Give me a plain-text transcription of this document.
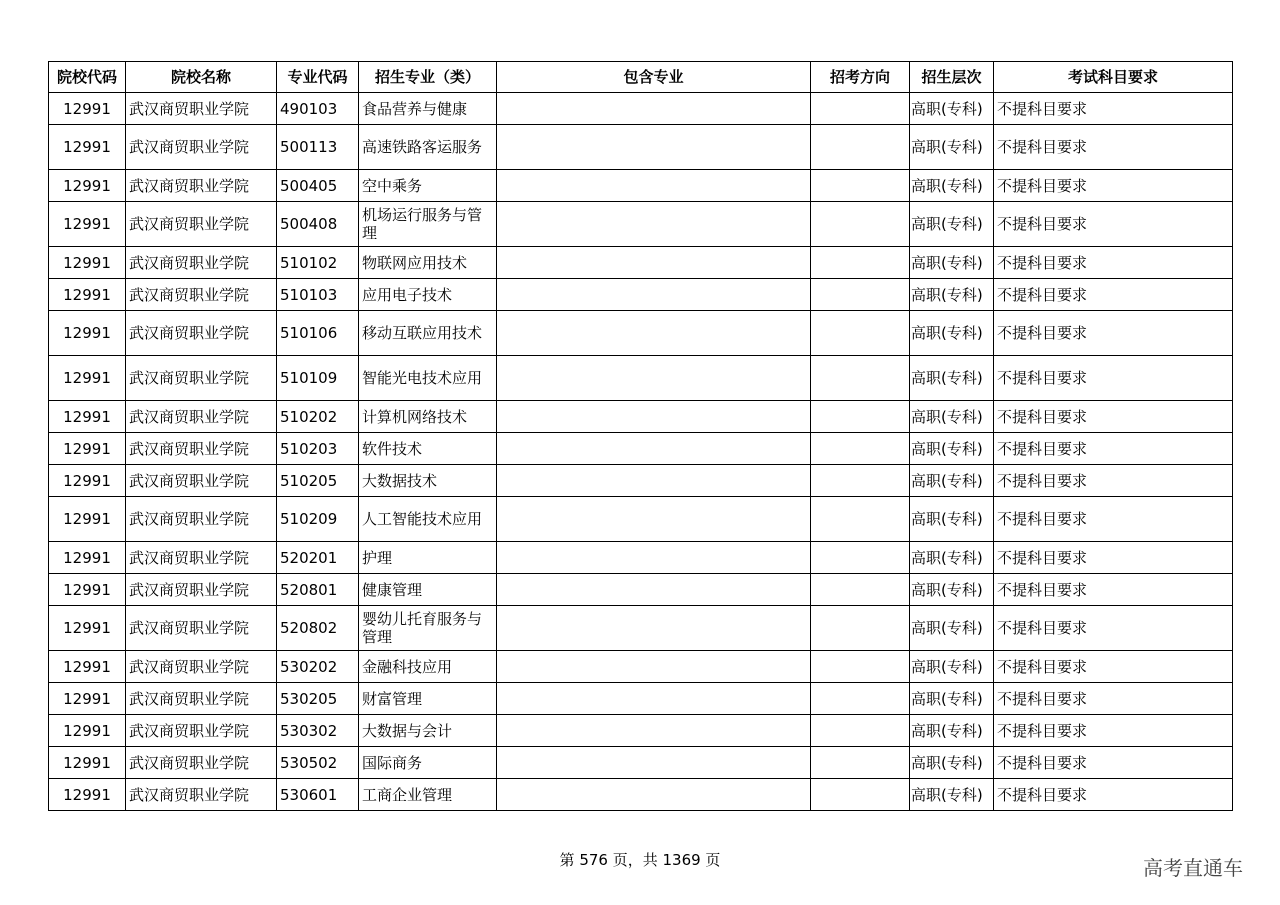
院校代码	院校名称	专业代码	招生专业（类）	包含专业	招考方向	招生层次	考试科目要求
12991	武汉商贸职业学院	490103	食品营养与健康			高职(专科)	不提科目要求
12991	武汉商贸职业学院	500113	高速铁路客运服务			高职(专科)	不提科目要求
12991	武汉商贸职业学院	500405	空中乘务			高职(专科)	不提科目要求
12991	武汉商贸职业学院	500408	机场运行服务与管理			高职(专科)	不提科目要求
12991	武汉商贸职业学院	510102	物联网应用技术			高职(专科)	不提科目要求
12991	武汉商贸职业学院	510103	应用电子技术			高职(专科)	不提科目要求
12991	武汉商贸职业学院	510106	移动互联应用技术			高职(专科)	不提科目要求
12991	武汉商贸职业学院	510109	智能光电技术应用			高职(专科)	不提科目要求
12991	武汉商贸职业学院	510202	计算机网络技术			高职(专科)	不提科目要求
12991	武汉商贸职业学院	510203	软件技术			高职(专科)	不提科目要求
12991	武汉商贸职业学院	510205	大数据技术			高职(专科)	不提科目要求
12991	武汉商贸职业学院	510209	人工智能技术应用			高职(专科)	不提科目要求
12991	武汉商贸职业学院	520201	护理			高职(专科)	不提科目要求
12991	武汉商贸职业学院	520801	健康管理			高职(专科)	不提科目要求
12991	武汉商贸职业学院	520802	婴幼儿托育服务与管理			高职(专科)	不提科目要求
12991	武汉商贸职业学院	530202	金融科技应用			高职(专科)	不提科目要求
12991	武汉商贸职业学院	530205	财富管理			高职(专科)	不提科目要求
12991	武汉商贸职业学院	530302	大数据与会计			高职(专科)	不提科目要求
12991	武汉商贸职业学院	530502	国际商务			高职(专科)	不提科目要求
12991	武汉商贸职业学院	530601	工商企业管理			高职(专科)	不提科目要求
第 576 页，共 1369 页	高考直通车
